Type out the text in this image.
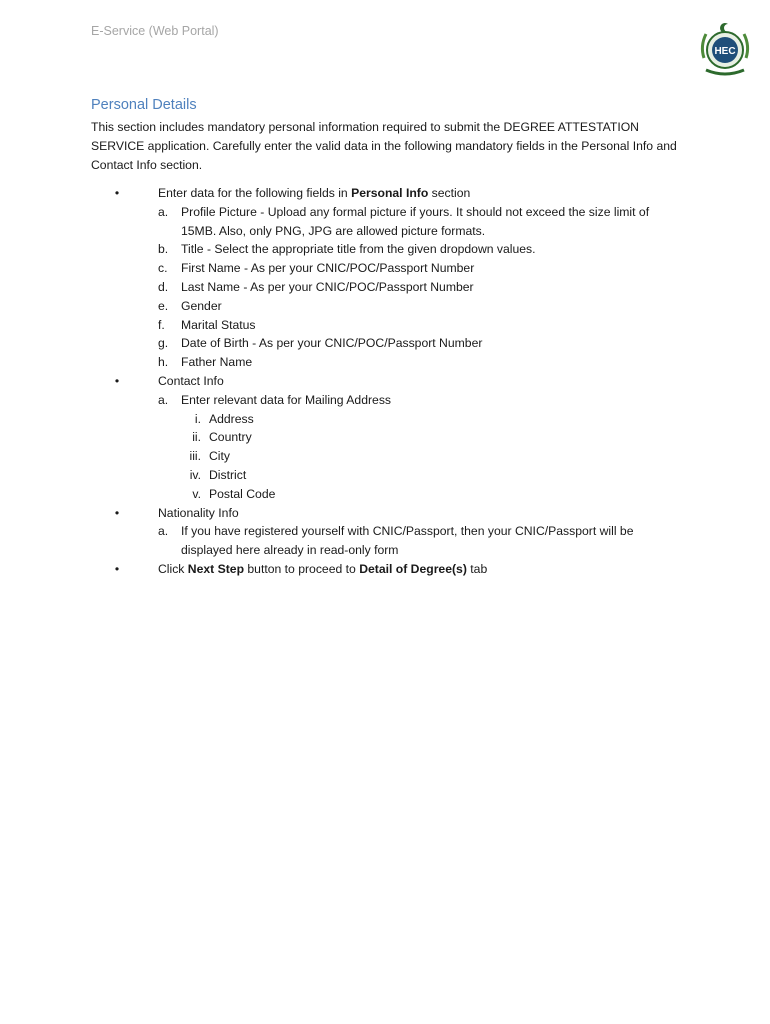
E-Service (Web Portal)
HEC
Personal Details

This section includes mandatory personal information required to submit the DEGREE ATTESTATION SERVICE application. Carefully enter the valid data in the following mandatory fields in the Personal Info and Contact Info section.

•	Enter data for the following fields in Personal Info section
a.	Profile Picture - Upload any formal picture if yours. It should not exceed the size limit of
15MB. Also, only PNG, JPG are allowed picture formats.
b.	Title - Select the appropriate title from the given dropdown values.
c.	First Name - As per your CNIC/POC/Passport Number
d.	Last Name - As per your CNIC/POC/Passport Number
e.	Gender
f.	Marital Status
g.	Date of Birth - As per your CNIC/POC/Passport Number
h.	Father Name
•	Contact Info
a.	Enter relevant data for Mailing Address
i. Address
ii. Country
iii. City
iv. District
v. Postal Code
•	Nationality Info
a.	If you have registered yourself with CNIC/Passport, then your CNIC/Passport will be
displayed here already in read-only form
•	Click Next Step button to proceed to Detail of Degree(s) tab
